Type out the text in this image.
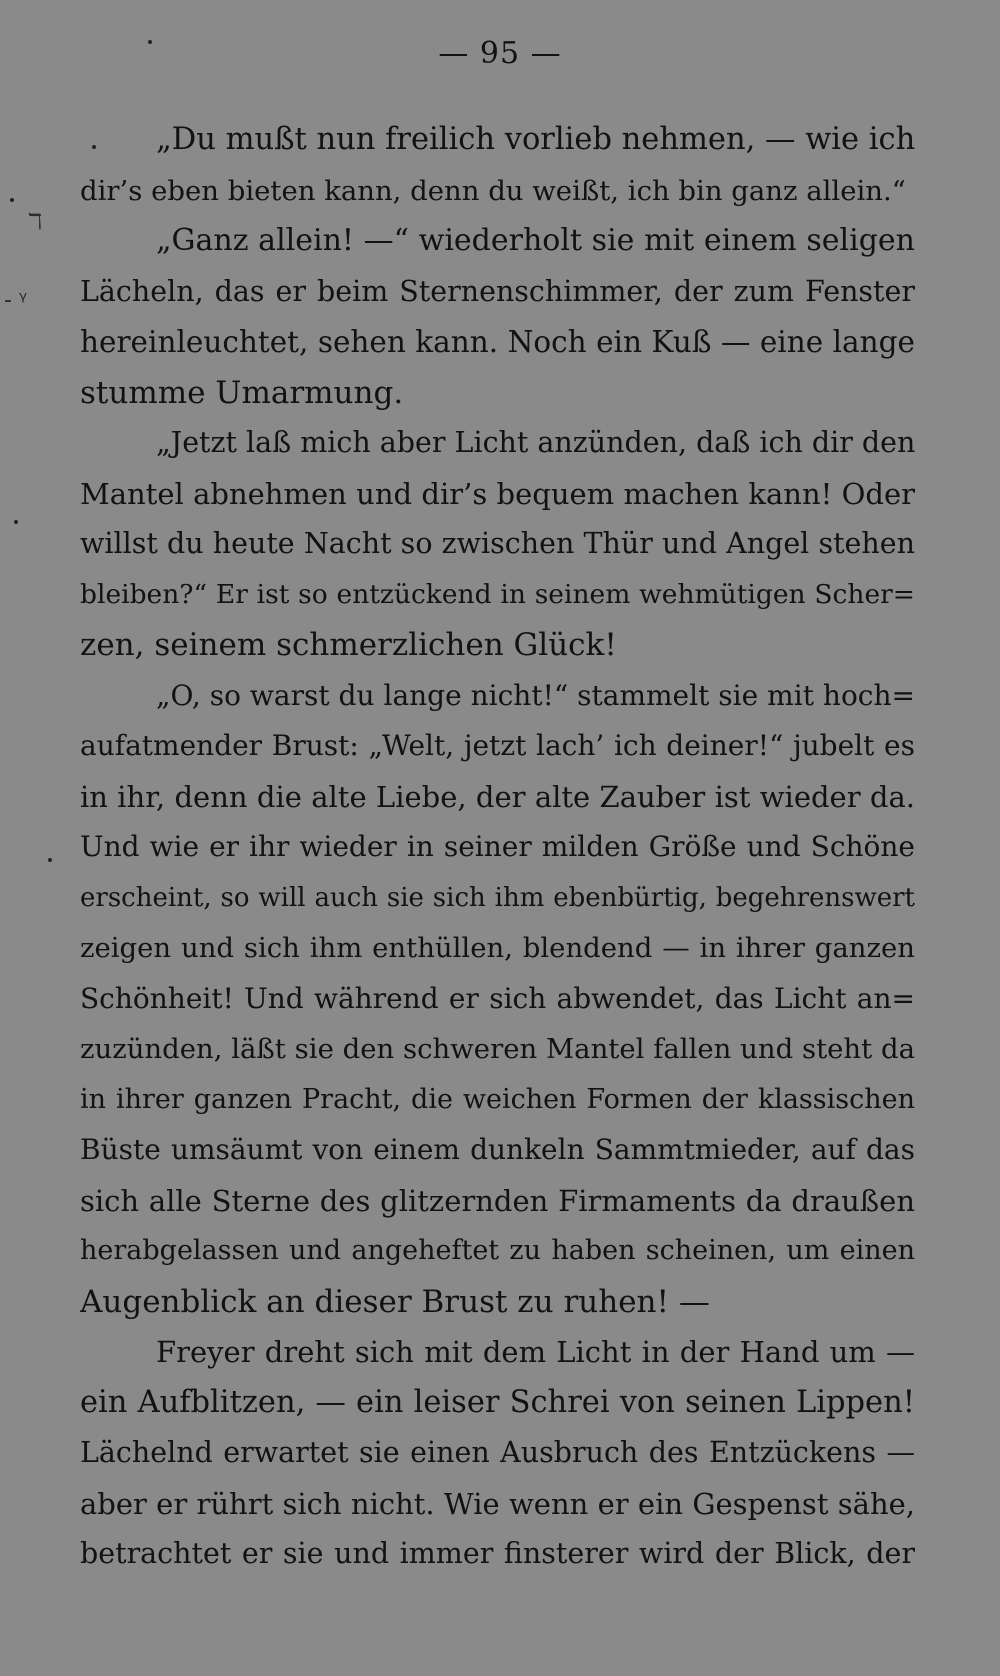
— 95 —
ℸ
- ᵞ
„Du mußt nun freilich vorlieb nehmen, — wie ich
dir’s eben bieten kann, denn du weißt, ich bin ganz allein.“
„Ganz allein! —“ wiederholt sie mit einem seligen
Lächeln, das er beim Sternenschimmer, der zum Fenster
hereinleuchtet, sehen kann. Noch ein Kuß — eine lange
stumme Umarmung.
„Jetzt laß mich aber Licht anzünden, daß ich dir den
Mantel abnehmen und dir’s bequem machen kann! Oder
willst du heute Nacht so zwischen Thür und Angel stehen
bleiben?“ Er ist so entzückend in seinem wehmütigen Scher=
zen, seinem schmerzlichen Glück!
„O, so warst du lange nicht!“ stammelt sie mit hoch=
aufatmender Brust: „Welt, jetzt lach’ ich deiner!“ jubelt es
in ihr, denn die alte Liebe, der alte Zauber ist wieder da.
Und wie er ihr wieder in seiner milden Größe und Schöne
erscheint, so will auch sie sich ihm ebenbürtig, begehrenswert
zeigen und sich ihm enthüllen, blendend — in ihrer ganzen
Schönheit! Und während er sich abwendet, das Licht an=
zuzünden, läßt sie den schweren Mantel fallen und steht da
in ihrer ganzen Pracht, die weichen Formen der klassischen
Büste umsäumt von einem dunkeln Sammtmieder, auf das
sich alle Sterne des glitzernden Firmaments da draußen
herabgelassen und angeheftet zu haben scheinen, um einen
Augenblick an dieser Brust zu ruhen! —
Freyer dreht sich mit dem Licht in der Hand um —
ein Aufblitzen, — ein leiser Schrei von seinen Lippen!
Lächelnd erwartet sie einen Ausbruch des Entzückens —
aber er rührt sich nicht. Wie wenn er ein Gespenst sähe,
betrachtet er sie und immer finsterer wird der Blick, der
